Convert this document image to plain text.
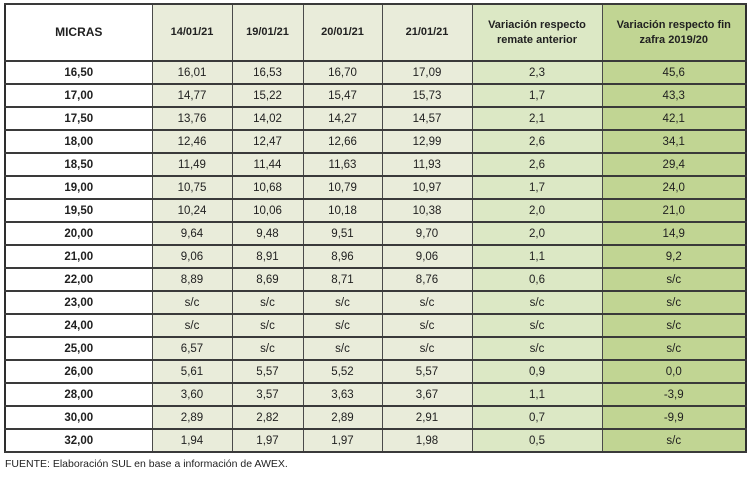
MICRAS	14/01/21	19/01/21	20/01/21	21/01/21	Variación respecto remate anterior	Variación respecto fin zafra 2019/20
16,50	16,01	16,53	16,70	17,09	2,3	45,6
17,00	14,77	15,22	15,47	15,73	1,7	43,3
17,50	13,76	14,02	14,27	14,57	2,1	42,1
18,00	12,46	12,47	12,66	12,99	2,6	34,1
18,50	11,49	11,44	11,63	11,93	2,6	29,4
19,00	10,75	10,68	10,79	10,97	1,7	24,0
19,50	10,24	10,06	10,18	10,38	2,0	21,0
20,00	9,64	9,48	9,51	9,70	2,0	14,9
21,00	9,06	8,91	8,96	9,06	1,1	9,2
22,00	8,89	8,69	8,71	8,76	0,6	s/c
23,00	s/c	s/c	s/c	s/c	s/c	s/c
24,00	s/c	s/c	s/c	s/c	s/c	s/c
25,00	6,57	s/c	s/c	s/c	s/c	s/c
26,00	5,61	5,57	5,52	5,57	0,9	0,0
28,00	3,60	3,57	3,63	3,67	1,1	-3,9
30,00	2,89	2,82	2,89	2,91	0,7	-9,9
32,00	1,94	1,97	1,97	1,98	0,5	s/c
FUENTE: Elaboración SUL en base a información de AWEX.
